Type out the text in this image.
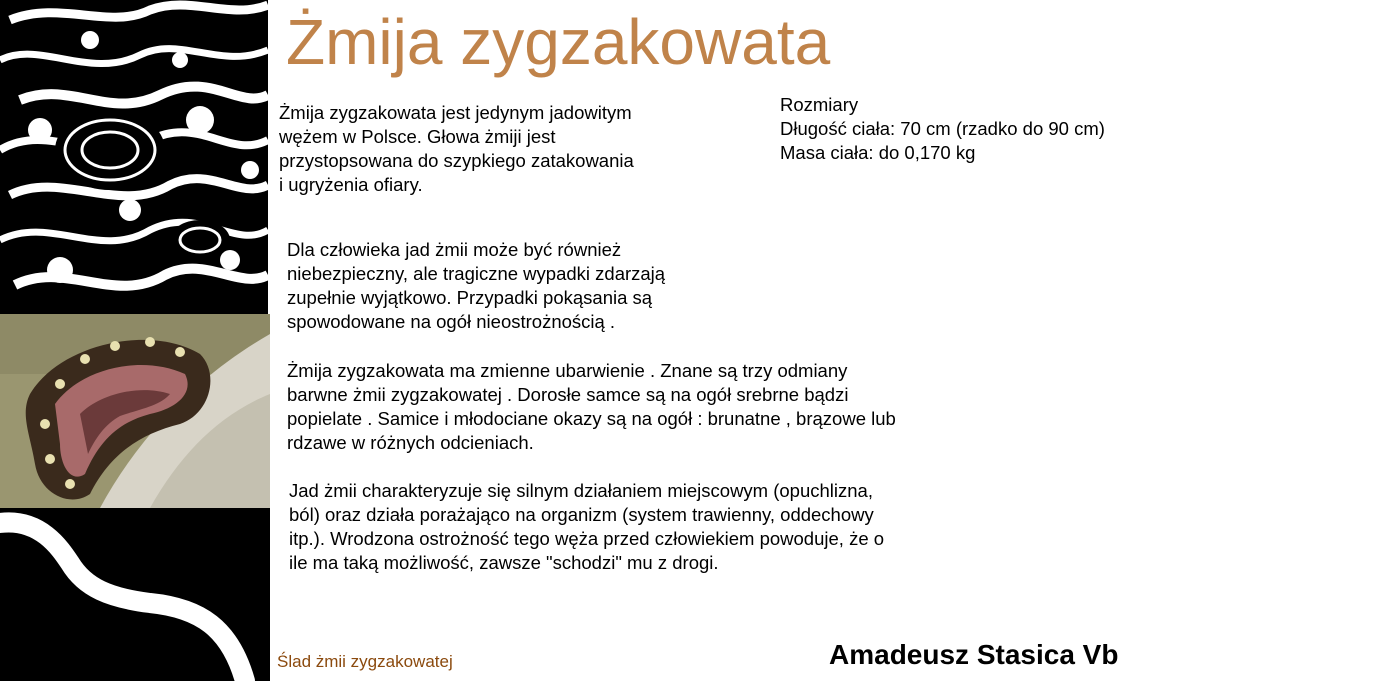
Żmija zygzakowata

Żmija zygzakowata jest jedynym jadowitym

wężem w Polsce. Głowa żmiji jest

przystopsowana do szypkiego zatakowania

i ugryżenia ofiary.

Rozmiary

Długość ciała: 70 cm (rzadko do 90 cm)

Masa ciała: do 0,170 kg

Dla człowieka jad żmii może być również

niebezpieczny, ale tragiczne wypadki zdarzają

zupełnie wyjątkowo. Przypadki pokąsania są

spowodowane na ogół nieostrożnością .

Żmija zygzakowata ma zmienne ubarwienie . Znane są trzy odmiany

barwne żmii zygzakowatej . Dorosłe samce są na ogół srebrne bądzi

popielate . Samice i młodociane okazy są na ogół : brunatne , brązowe lub

rdzawe w różnych odcieniach.

Jad żmii charakteryzuje się silnym działaniem miejscowym (opuchlizna,

ból) oraz działa porażająco na organizm (system trawienny, oddechowy

itp.). Wrodzona ostrożność tego węża przed człowiekiem powoduje, że o

ile ma taką możliwość, zawsze "schodzi" mu z drogi.

Ślad żmii zygzakowatej	Amadeusz Stasica Vb
